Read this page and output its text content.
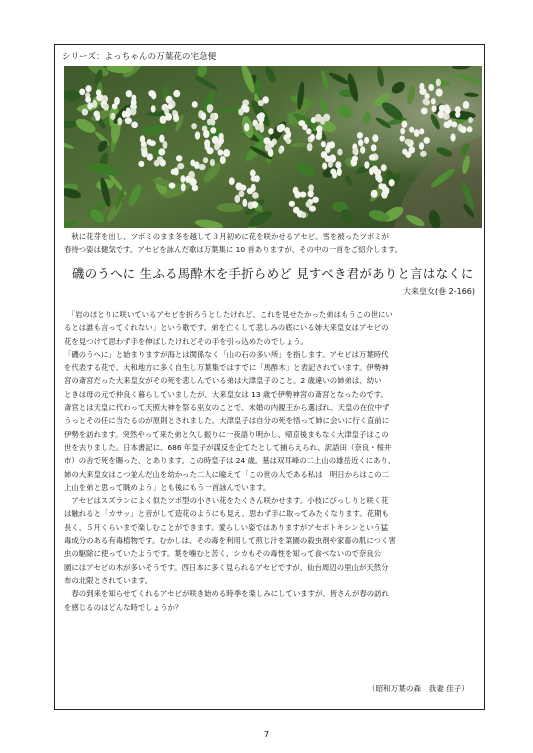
シリーズ：よっちゃんの万葉花の宅急便

　秋に花芽を出し、ツボミのまま冬を越して３月初めに花を咲かせるアセビ。雪を被ったツボミが

春待つ姿は健気です。アセビを詠んだ歌は万葉集に 10 首ありますが、その中の一首をご紹介します。

磯のうへに 生ふる馬酔木を手折らめど 見すべき君がありと言はなくに
大来皇女(巻 2-166)

　「岩のほとりに咲いているアセビを折ろうとしたけれど、これを見せたかった弟はもうこの世にい

るとは誰も言ってくれない」という歌です。弟を亡くして悲しみの底にいる姉大来皇女はアセビの

花を見つけて思わず手を伸ばしたけれどその手を引っ込めたのでしょう。

「磯のうへに」と始まりますが海とは関係なく「山の石の多い所」を指します。アセビは万葉時代

を代表する花で、大和地方に多く自生し万葉集ではすでに「馬酔木」と表記されています。伊勢神

宮の斎宮だった大来皇女がその死を悲しんでいる弟は大津皇子のこと。2 歳違いの姉弟は、幼い

ときは母の元で仲良く暮らしていましたが、大来皇女は 13 歳で伊勢神宮の斎宮となったのです。

斎宮とは天皇に代わって天照大神を祭る巫女のことで、未婚の内親王から選ばれ、天皇の在位中ず

うっとその任に当たるのが原則とされました。大津皇子は自分の死を悟って姉に会いに行く直前に

伊勢を訪れます。突然やって来た弟と久し振りに一夜語り明かし、帰京後まもなく大津皇子はこの

世を去りました。日本書記に、686 年皇子が謀反を企てたとして捕らえられ、訳語田（奈良・桜井

市）の舎で死を賜った、とあります。この時皇子は 24 歳。墓は双耳峰の二上山の雄岳近くにあり、

姉の大来皇女はこつ並んだ山を幼かった二人に喩えて「この世の人である私は　明日からはこの二

上山を弟と思って眺めよう」とも後にもう一首詠んでいます。

　アセビはスズランによく似たツボ型の小さい花をたくさん咲かせます。小枝にびっしりと咲く花

は触れると「カサッ」と音がして造花のようにも見え、思わず手に取ってみたくなります。花期も

長く、５月くらいまで楽しむことができます。愛らしい姿ではありますがアセボトキシンという猛

毒成分のある有毒植物です。むかしは、その毒を利用して煎じ汁を菜園の殺虫剤や家畜の肌につく害

虫の駆除に使っていたようです。葉を噛むと苦く、シカもその毒性を知って食べないので奈良公

園にはアセビの木が多いそうです。西日本に多く見られるアセビですが、仙台周辺の里山が天然分

布の北限とされています。

　春の到来を知らせてくれるアセビが咲き始める時季を楽しみにしていますが、皆さんが春の訪れ

を感じるのはどんな時でしょうか？

（昭和万葉の森　我妻 佳子）
7
